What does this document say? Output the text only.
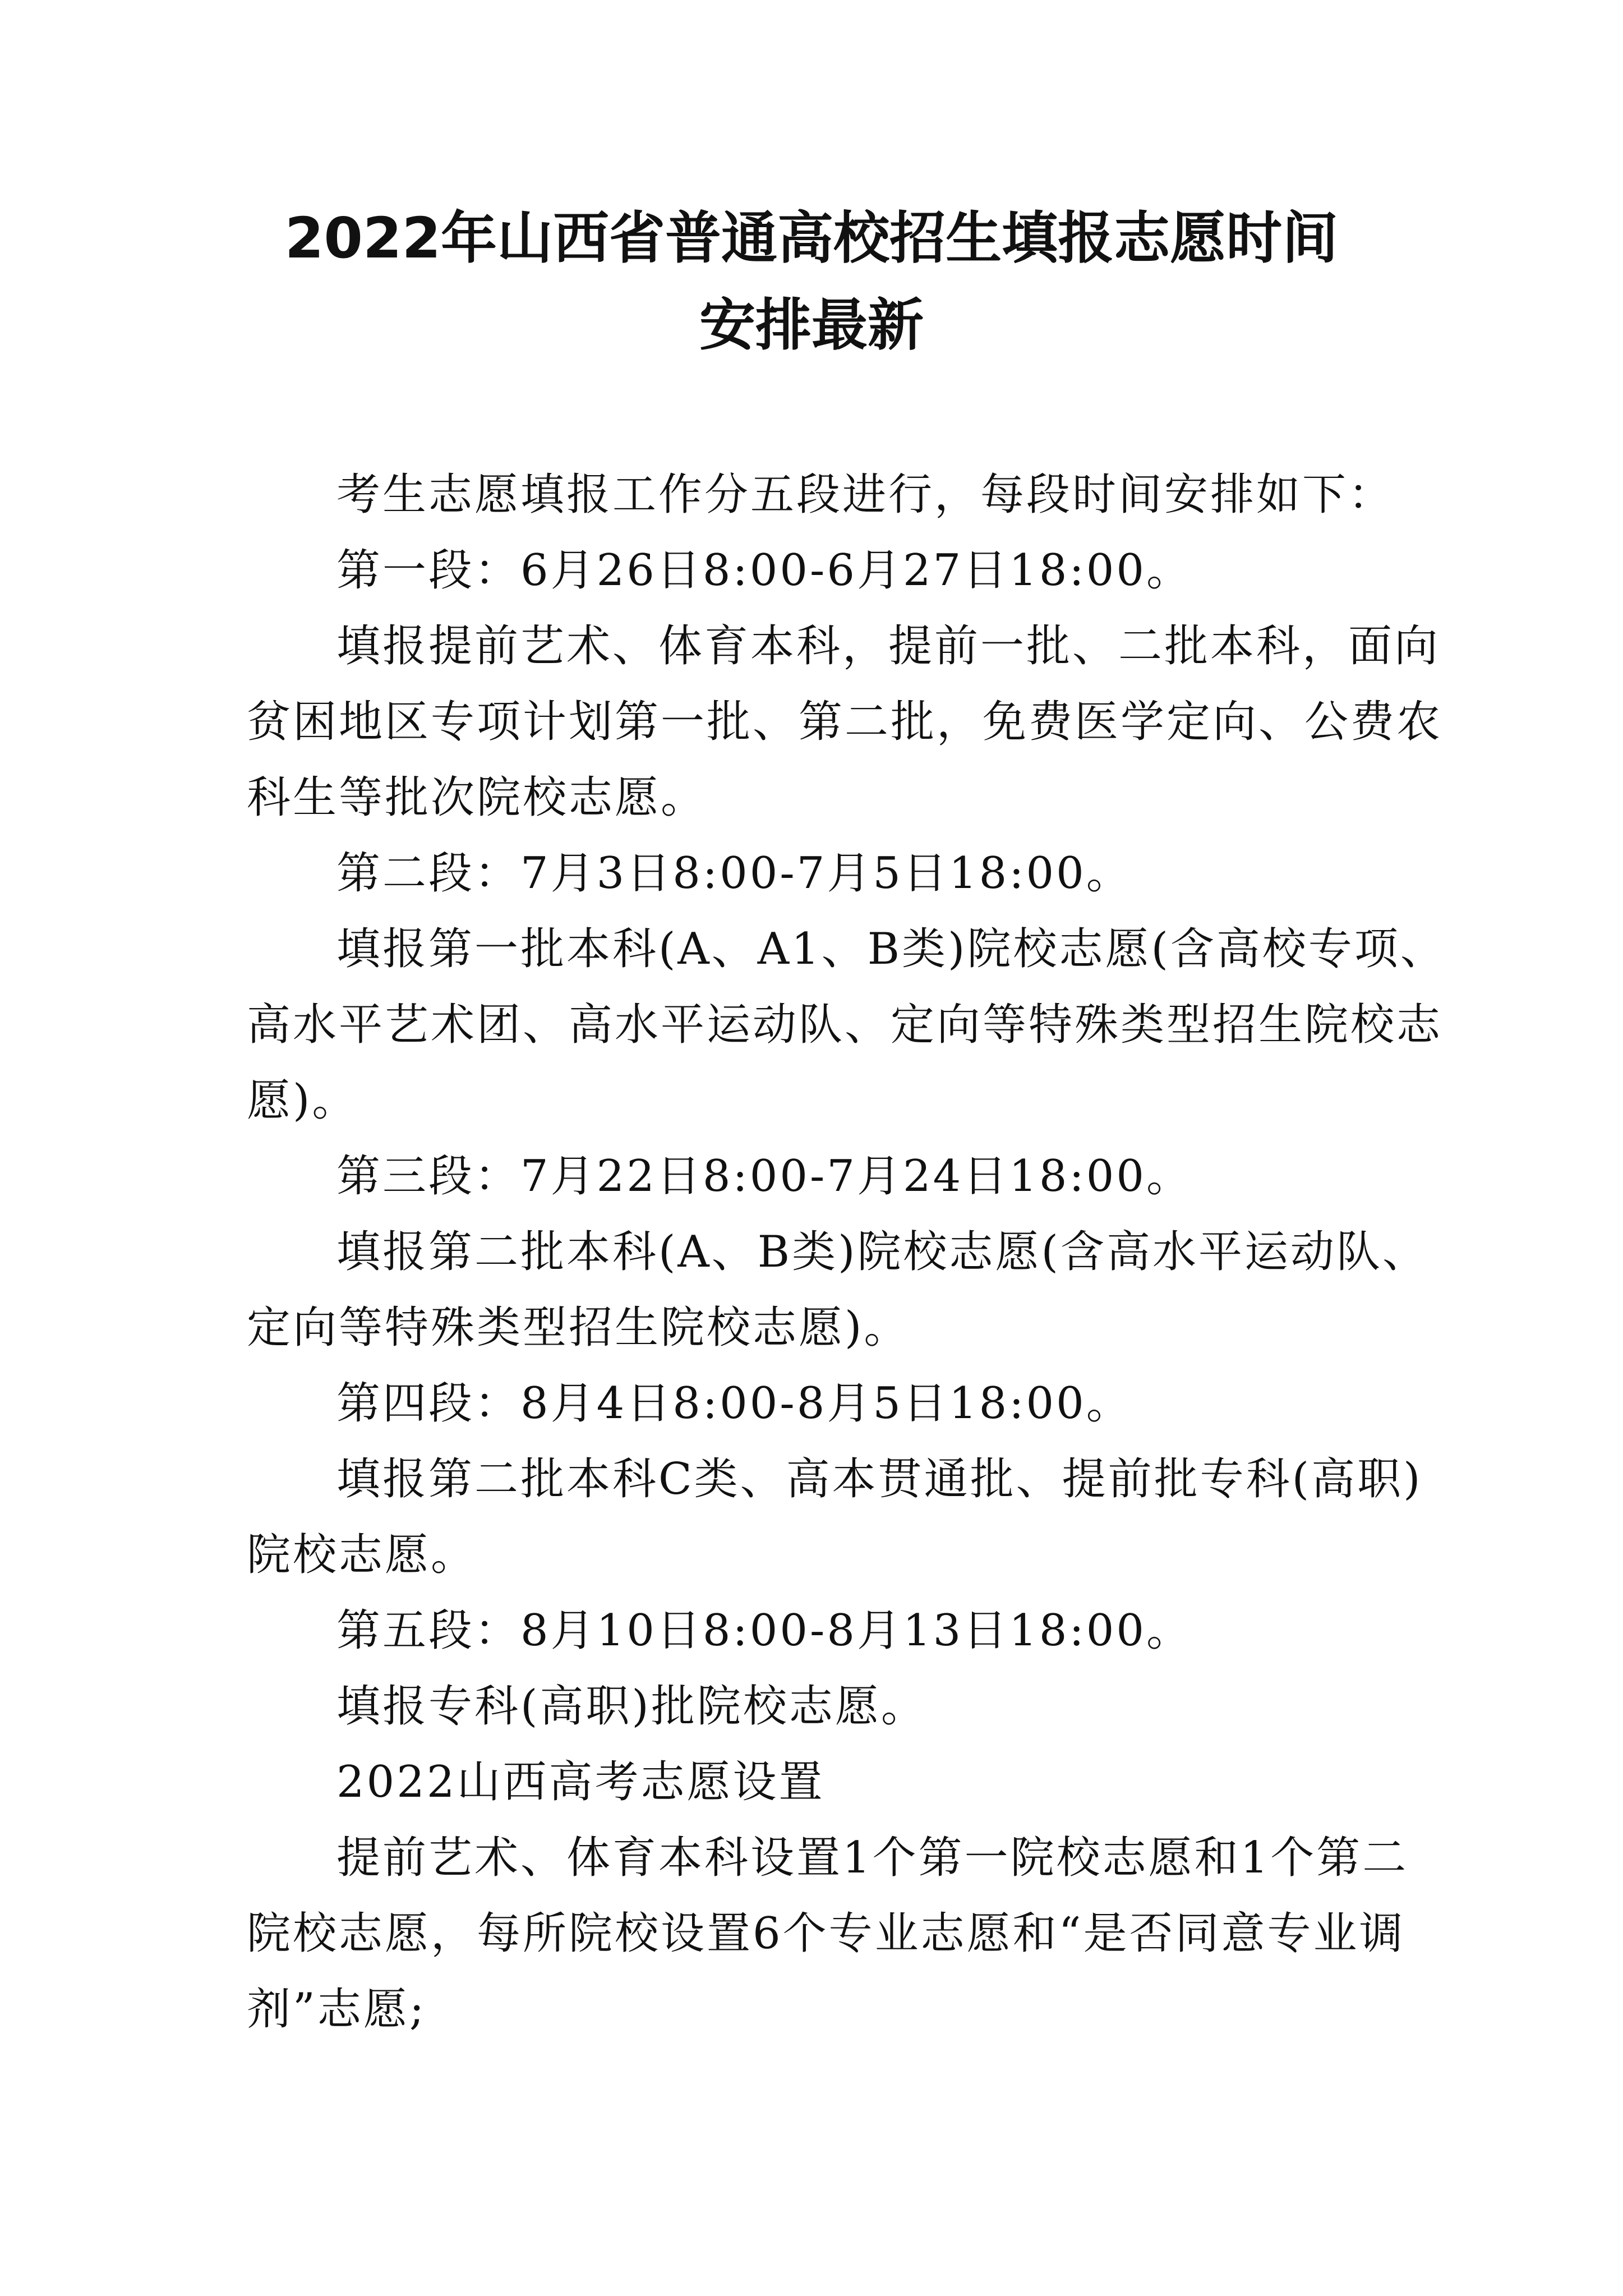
2022年山西省普通高校招生填报志愿时间
安排最新
考生志愿填报工作分五段进行，每段时间安排如下：
第一段：6月26日8:00-6月27日18:00。
填报提前艺术、体育本科，提前一批、二批本科，面向
贫困地区专项计划第一批、第二批，免费医学定向、公费农
科生等批次院校志愿。
第二段：7月3日8:00-7月5日18:00。
填报第一批本科(A、A1、B类)院校志愿(含高校专项、
高水平艺术团、高水平运动队、定向等特殊类型招生院校志
愿)。
第三段：7月22日8:00-7月24日18:00。
填报第二批本科(A、B类)院校志愿(含高水平运动队、
定向等特殊类型招生院校志愿)。
第四段：8月4日8:00-8月5日18:00。
填报第二批本科C类、高本贯通批、提前批专科(高职)
院校志愿。
第五段：8月10日8:00-8月13日18:00。
填报专科(高职)批院校志愿。
2022山西高考志愿设置
提前艺术、体育本科设置1个第一院校志愿和1个第二
院校志愿，每所院校设置6个专业志愿和“是否同意专业调
剂”志愿;
